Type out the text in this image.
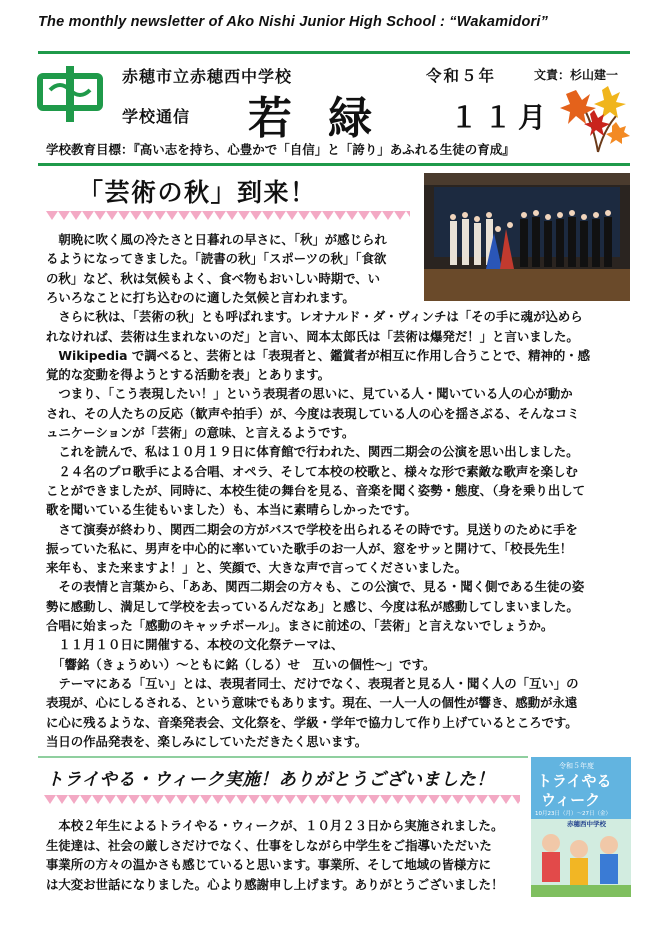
The monthly newsletter of Ako Nishi Junior High School : “Wakamidori”
赤穂市立赤穂西中学校	令和５年	文責：杉山建一
学校通信 若緑 １１月
学校教育目標：『高い志を持ち、心豊かで「自信」と「誇り」あふれる生徒の育成』
「芸術の秋」到来！
　朝晩に吹く風の冷たさと日暮れの早さに、「秋」が感じられ
るようになってきました。「読書の秋」「スポーツの秋」「食欲
の秋」など、秋は気候もよく、食べ物もおいしい時期で、い
ろいろなことに打ち込むのに適した気候と言われます。
　さらに秋は、「芸術の秋」とも呼ばれます。レオナルド・ダ・ヴィンチは「その手に魂が込めら
れなければ、芸術は生まれないのだ」と言い、岡本太郎氏は「芸術は爆発だ！」と言いました。
　Wikipedia で調べると、芸術とは「表現者と、鑑賞者が相互に作用し合うことで、精神的・感
覚的な変動を得ようとする活動を表」とあります。
　つまり、「こう表現したい！」という表現者の思いに、見ている人・聞いている人の心が動か
され、その人たちの反応（歓声や拍手）が、今度は表現している人の心を揺さぶる、そんなコミ
ュニケーションが「芸術」の意味、と言えるようです。
　これを読んで、私は１０月１９日に体育館で行われた、関西二期会の公演を思い出しました。
　２４名のプロ歌手による合唱、オペラ、そして本校の校歌と、様々な形で素敵な歌声を楽しむ
ことができましたが、同時に、本校生徒の舞台を見る、音楽を聞く姿勢・態度、（身を乗り出して
歌を聞いている生徒もいました）も、本当に素晴らしかったです。
　さて演奏が終わり、関西二期会の方がバスで学校を出られるその時です。見送りのために手を
振っていた私に、男声を中心的に率いていた歌手のお一人が、窓をサッと開けて、「校長先生！
来年も、また来ますよ！」と、笑顔で、大きな声で言ってくださいました。
　その表情と言葉から、「ああ、関西二期会の方々も、この公演で、見る・聞く側である生徒の姿
勢に感動し、満足して学校を去っているんだなあ」と感じ、今度は私が感動してしまいました。
合唱に始まった「感動のキャッチボール」。まさに前述の、「芸術」と言えないでしょうか。
　１１月１０日に開催する、本校の文化祭テーマは、
　「響銘（きょうめい）～ともに銘（しる）せ　互いの個性～」です。
　テーマにある「互い」とは、表現者同士、だけでなく、表現者と見る人・聞く人の「互い」の
表現が、心にしるされる、という意味でもあります。現在、一人一人の個性が響き、感動が永遠
に心に残るような、音楽発表会、文化祭を、学級・学年で協力して作り上げているところです。
当日の作品発表を、楽しみにしていただきたく思います。
トライやる・ウィーク実施！ありがとうございました！
　本校２年生によるトライやる・ウィークが、１０月２３日から実施されました。
生徒達は、社会の厳しさだけでなく、仕事をしながら中学生をご指導いただいた
事業所の方々の温かさも感じていると思います。事業所、そして地域の皆様方に
は大変お世話になりました。心より感謝申し上げます。ありがとうございました！
令和５年度
トライやる
ウィーク
10月23日（月）～27日（金）
赤穂西中学校
